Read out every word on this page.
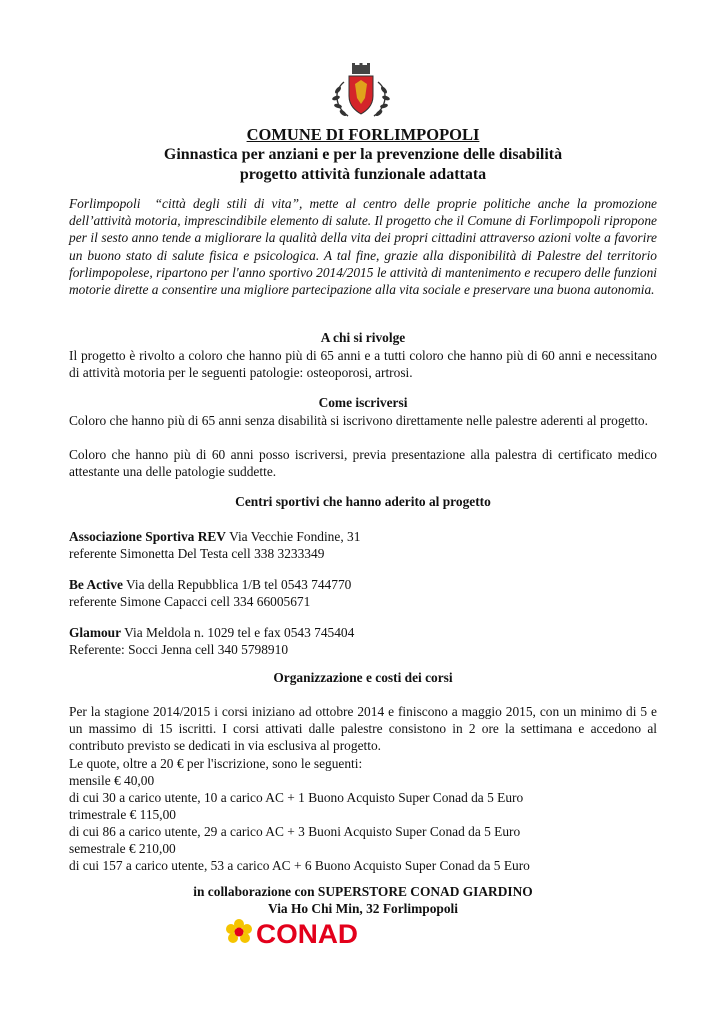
COMUNE DI FORLIMPOPOLI
Ginnastica per anziani e per la prevenzione delle disabilità
progetto attività funzionale adattata
Forlimpopoli “città degli stili di vita”, mette al centro delle proprie politiche anche la promozione dell’attività motoria, imprescindibile elemento di salute. Il progetto che il Comune di Forlimpopoli ripropone per il sesto anno tende a migliorare la qualità della vita dei propri cittadini attraverso azioni volte a favorire un buono stato di salute fisica e psicologica. A tal fine, grazie alla disponibilità di Palestre del territorio forlimpopolese, ripartono per l'anno sportivo 2014/2015 le attività di mantenimento e recupero delle funzioni motorie dirette a consentire una migliore partecipazione alla vita sociale e preservare una buona autonomia.
A chi si rivolge
Il progetto è rivolto a coloro che hanno più di 65 anni e a tutti coloro che hanno più di 60 anni e necessitano di attività motoria per le seguenti patologie: osteoporosi, artrosi.
Come iscriversi
Coloro che hanno più di 65 anni senza disabilità si iscrivono direttamente nelle palestre aderenti al progetto.
Coloro che hanno più di 60 anni posso iscriversi, previa presentazione alla palestra di certificato medico attestante una delle patologie suddette.
Centri sportivi che hanno aderito al progetto
Associazione Sportiva REV Via Vecchie Fondine, 31
referente Simonetta Del Testa cell 338 3233349
Be Active Via della Repubblica 1/B tel 0543 744770
referente Simone Capacci cell 334 66005671
Glamour Via Meldola n. 1029 tel e fax 0543 745404
Referente: Socci Jenna cell 340 5798910
Organizzazione e costi dei corsi
Per la stagione 2014/2015 i corsi iniziano ad ottobre 2014 e finiscono a maggio 2015, con un minimo di 5 e un massimo di 15 iscritti. I corsi attivati dalle palestre consistono in 2 ore la settimana e accedono al contributo previsto se dedicati in via esclusiva al progetto.
Le quote, oltre a 20 € per l'iscrizione, sono le seguenti:
mensile € 40,00
di cui 30 a carico utente, 10 a carico AC + 1 Buono Acquisto Super Conad da 5 Euro
trimestrale € 115,00
di cui 86 a carico utente, 29 a carico AC + 3 Buoni Acquisto Super Conad da 5 Euro
semestrale € 210,00
di cui 157 a carico utente, 53 a carico AC + 6 Buono Acquisto Super Conad da 5 Euro
in collaborazione con SUPERSTORE CONAD GIARDINO
Via Ho Chi Min, 32 Forlimpopoli
CONAD
